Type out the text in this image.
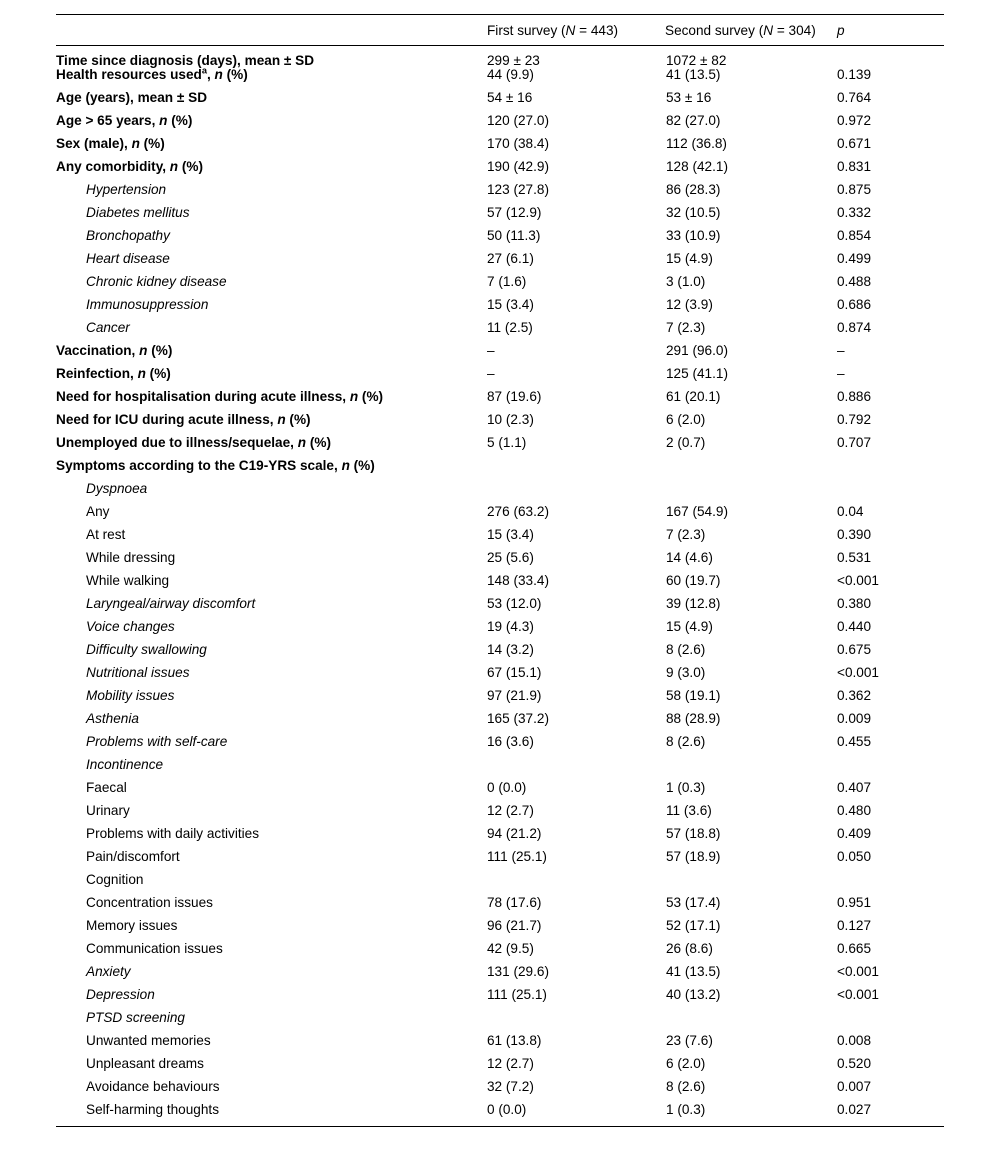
	First survey (N = 443)	Second survey (N = 304)	p
Time since diagnosis (days), mean ± SD	299 ± 23	1072 ± 82	
Health resources used$^a$, n (%)	44 (9.9)	41 (13.5)	0.139
Age (years), mean ± SD	54 ± 16	53 ± 16	0.764
Age > 65 years, n (%)	120 (27.0)	82 (27.0)	0.972
Sex (male), n (%)	170 (38.4)	112 (36.8)	0.671
Any comorbidity, n (%)	190 (42.9)	128 (42.1)	0.831
Hypertension	123 (27.8)	86 (28.3)	0.875
Diabetes mellitus	57 (12.9)	32 (10.5)	0.332
Bronchopathy	50 (11.3)	33 (10.9)	0.854
Heart disease	27 (6.1)	15 (4.9)	0.499
Chronic kidney disease	7 (1.6)	3 (1.0)	0.488
Immunosuppression	15 (3.4)	12 (3.9)	0.686
Cancer	11 (2.5)	7 (2.3)	0.874
Vaccination, n (%)	–	291 (96.0)	–
Reinfection, n (%)	–	125 (41.1)	–
Need for hospitalisation during acute illness, n (%)	87 (19.6)	61 (20.1)	0.886
Need for ICU during acute illness, n (%)	10 (2.3)	6 (2.0)	0.792
Unemployed due to illness/sequelae, n (%)	5 (1.1)	2 (0.7)	0.707
Symptoms according to the C19-YRS scale, n (%)			
Dyspnoea			
Any	276 (63.2)	167 (54.9)	0.04
At rest	15 (3.4)	7 (2.3)	0.390
While dressing	25 (5.6)	14 (4.6)	0.531
While walking	148 (33.4)	60 (19.7)	<0.001
Laryngeal/airway discomfort	53 (12.0)	39 (12.8)	0.380
Voice changes	19 (4.3)	15 (4.9)	0.440
Difficulty swallowing	14 (3.2)	8 (2.6)	0.675
Nutritional issues	67 (15.1)	9 (3.0)	<0.001
Mobility issues	97 (21.9)	58 (19.1)	0.362
Asthenia	165 (37.2)	88 (28.9)	0.009
Problems with self-care	16 (3.6)	8 (2.6)	0.455
Incontinence			
Faecal	0 (0.0)	1 (0.3)	0.407
Urinary	12 (2.7)	11 (3.6)	0.480
Problems with daily activities	94 (21.2)	57 (18.8)	0.409
Pain/discomfort	111 (25.1)	57 (18.9)	0.050
Cognition			
Concentration issues	78 (17.6)	53 (17.4)	0.951
Memory issues	96 (21.7)	52 (17.1)	0.127
Communication issues	42 (9.5)	26 (8.6)	0.665
Anxiety	131 (29.6)	41 (13.5)	<0.001
Depression	111 (25.1)	40 (13.2)	<0.001
PTSD screening			
Unwanted memories	61 (13.8)	23 (7.6)	0.008
Unpleasant dreams	12 (2.7)	6 (2.0)	0.520
Avoidance behaviours	32 (7.2)	8 (2.6)	0.007
Self-harming thoughts	0 (0.0)	1 (0.3)	0.027
